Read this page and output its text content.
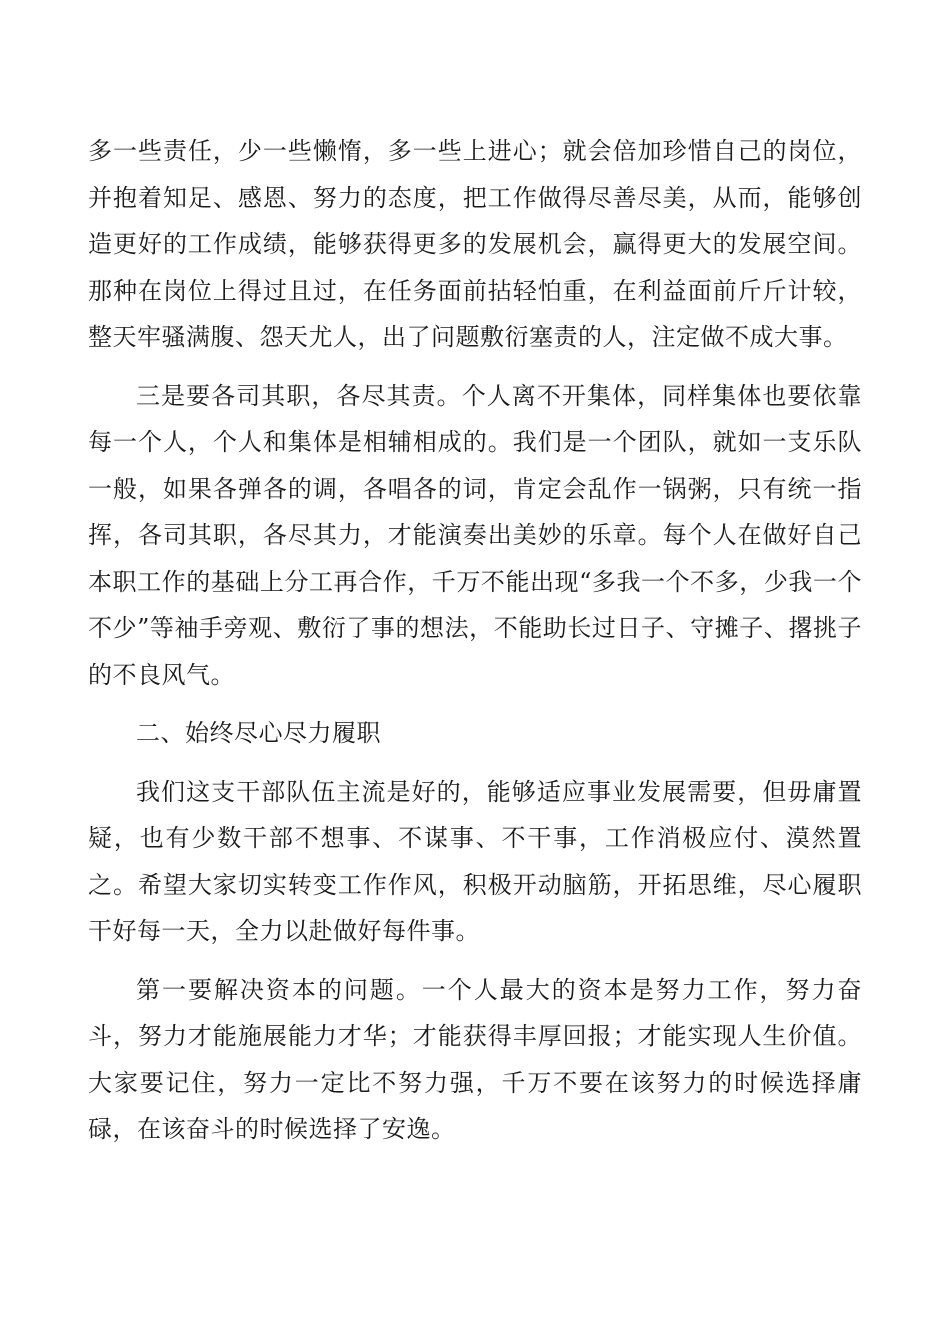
多一些责任，少一些懒惰，多一些上进心；就会倍加珍惜自己的岗位，并抱着知足、感恩、努力的态度，把工作做得尽善尽美，从而，能够创造更好的工作成绩，能够获得更多的发展机会，赢得更大的发展空间。那种在岗位上得过且过，在任务面前拈轻怕重，在利益面前斤斤计较，整天牢骚满腹、怨天尤人，出了问题敷衍塞责的人，注定做不成大事。

三是要各司其职，各尽其责。个人离不开集体，同样集体也要依靠每一个人，个人和集体是相辅相成的。我们是一个团队，就如一支乐队一般，如果各弹各的调，各唱各的词，肯定会乱作一锅粥，只有统一指挥，各司其职，各尽其力，才能演奏出美妙的乐章。每个人在做好自己本职工作的基础上分工再合作，千万不能出现“多我一个不多，少我一个不少”等袖手旁观、敷衍了事的想法，不能助长过日子、守摊子、撂挑子的不良风气。

二、始终尽心尽力履职

我们这支干部队伍主流是好的，能够适应事业发展需要，但毋庸置疑，也有少数干部不想事、不谋事、不干事，工作消极应付、漠然置之。希望大家切实转变工作作风，积极开动脑筋，开拓思维，尽心履职干好每一天，全力以赴做好每件事。

第一要解决资本的问题。一个人最大的资本是努力工作，努力奋斗，努力才能施展能力才华；才能获得丰厚回报；才能实现人生价值。大家要记住，努力一定比不努力强，千万不要在该努力的时候选择庸碌，在该奋斗的时候选择了安逸。
